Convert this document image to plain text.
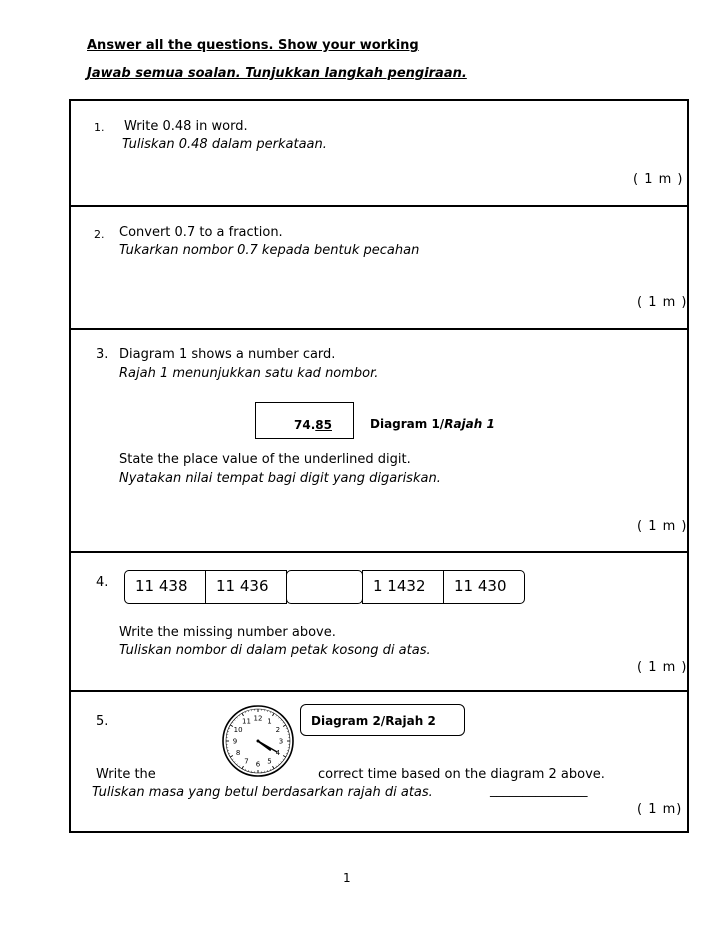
Answer all the questions. Show your working
Jawab semua soalan. Tunjukkan langkah pengiraan.
1. Write 0.48 in word.
Tuliskan 0.48 dalam perkataan.
( 1 m )
2. Convert 0.7 to a fraction.
Tukarkan nombor 0.7 kepada bentuk pecahan
( 1 m )
3. Diagram 1 shows a number card.
Rajah 1 menunjukkan satu kad nombor.
74.85	Diagram 1/Rajah 1
State the place value of the underlined digit.
Nyatakan nilai tempat bagi digit yang digariskan.
( 1 m )
4. 11 438 11 436	1 1432 11 430
Write the missing number above.
Tuliskan nombor di dalam petak kosong di atas.
( 1 m )
5.	12 1
2
3
4
5
6
7
8
9
10
11	Diagram 2/Rajah 2
Write the	correct time based on the diagram 2 above.
Tuliskan masa yang betul berdasarkan rajah di atas.	_______________
( 1 m)
1
